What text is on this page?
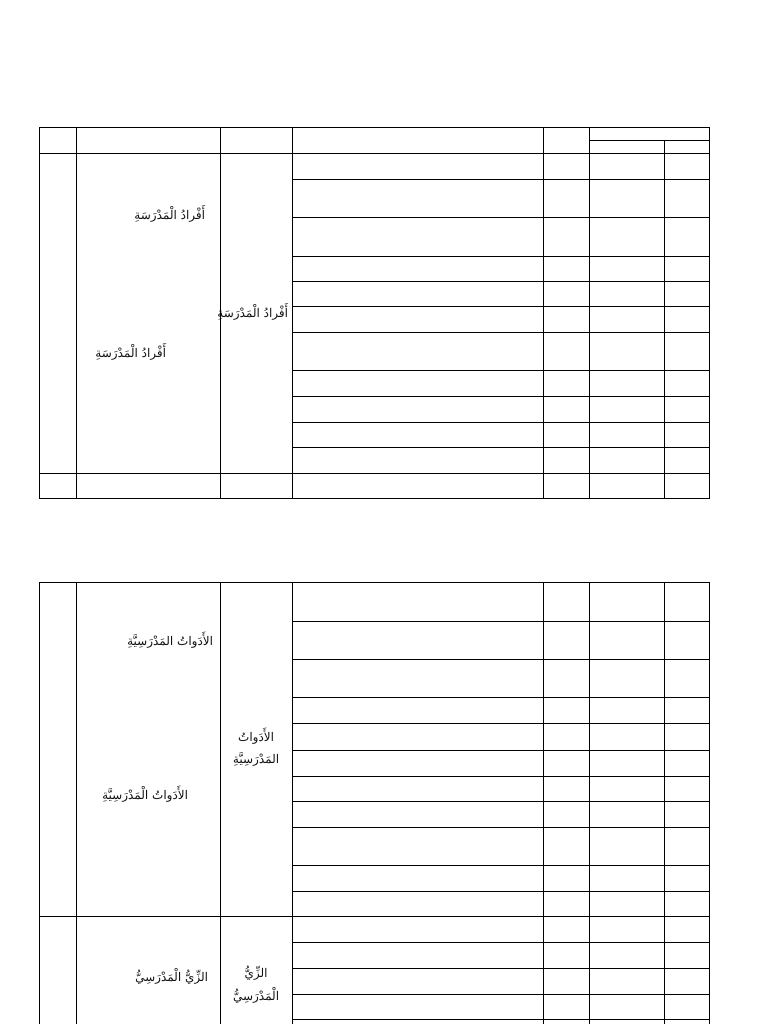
أَفْرادُ الْمَدْرَسَةِ
أَفْرادُ الْمَدْرَسَةِ
أَفْرادُ الْمَدْرَسَةِ
الأَدَواتُ المَدْرَسِيَّةِ
الأَدَواتُ الْمَدْرَسِيَّةِ
الأَدَواتُ
المَدْرَسِيَّةِ
الزِّيُّ الْمَدْرَسِيُّ	الزِّيُّ
الْمَدْرَسِيُّ
